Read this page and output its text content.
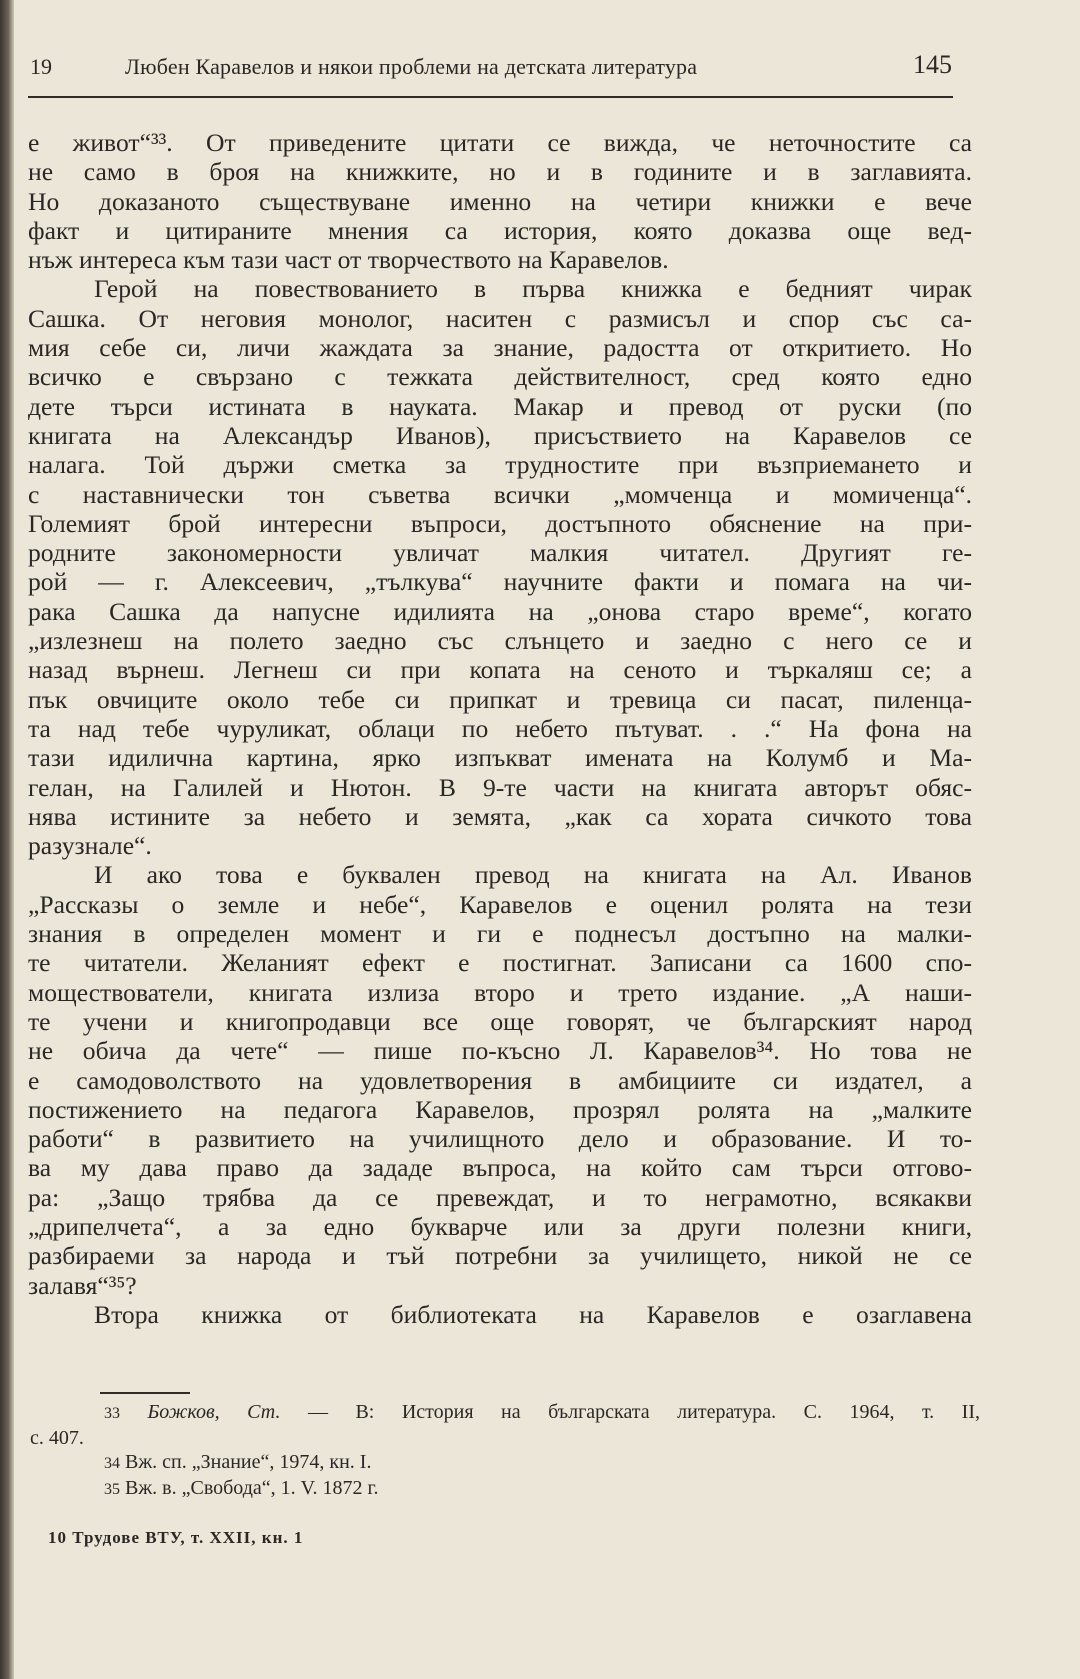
19	Любен Каравелов и някои проблеми на детската литература	145
е живот“³³. От приведените цитати се вижда, че неточностите са
не само в броя на книжките, но и в годините и в заглавията.
Но доказаното съществуване именно на четири книжки е вече
факт и цитираните мнения са история, която доказва още вед-
нъж интереса към тази част от творчеството на Каравелов.
Герой на повествованието в първа книжка е бедният чирак
Сашка. От неговия монолог, наситен с размисъл и спор със са-
мия себе си, личи жаждата за знание, радостта от откритието. Но
всичко е свързано с тежката действителност, сред която едно
дете търси истината в науката. Макар и превод от руски (по
книгата на Александър Иванов), присъствието на Каравелов се
налага. Той държи сметка за трудностите при възприемането и
с наставнически тон съветва всички „момченца и момиченца“.
Големият брой интересни въпроси, достъпното обяснение на при-
родните закономерности увличат малкия читател. Другият ге-
рой — г. Алексеевич, „тълкува“ научните факти и помага на чи-
рака Сашка да напусне идилията на „онова старо време“, когато
„излезнеш на полето заедно със слънцето и заедно с него се и
назад върнеш. Легнеш си при копата на сеното и търкаляш се; а
пък овчиците около тебе си припкат и тревица си пасат, пиленца-
та над тебе чуруликат, облаци по небето пътуват. . .“ На фона на
тази идилична картина, ярко изпъкват имената на Колумб и Ма-
гелан, на Галилей и Нютон. В 9-те части на книгата авторът обяс-
нява истините за небето и земята, „как са хората сичкото това
разузнале“.
И ако това е буквален превод на книгата на Ал. Иванов
„Рассказы о земле и небе“, Каравелов е оценил ролята на тези
знания в определен момент и ги е поднесъл достъпно на малки-
те читатели. Желаният ефект е постигнат. Записани са 1600 спо-
моществователи, книгата излиза второ и трето издание. „А наши-
те учени и книгопродавци все още говорят, че българският народ
не обича да чете“ — пише по-късно Л. Каравелов³⁴. Но това не
е самодоволството на удовлетворения в амбициите си издател, а
постижението на педагога Каравелов, прозрял ролята на „малките
работи“ в развитието на училищното дело и образование. И то-
ва му дава право да зададе въпроса, на който сам търси отгово-
ра: „Защо трябва да се превеждат, и то неграмотно, всякакви
„дрипелчета“, а за едно букварче или за други полезни книги,
разбираеми за народа и тъй потребни за училището, никой не се
залавя“³⁵?
Втора книжка от библиотеката на Каравелов е озаглавена
33 Божков, Ст. — В: История на българската литература. С. 1964, т. II,
с. 407.
34 Вж. сп. „Знание“, 1974, кн. I.
35 Вж. в. „Свобода“, 1. V. 1872 г.
10 Трудове ВТУ, т. XXII, кн. 1
